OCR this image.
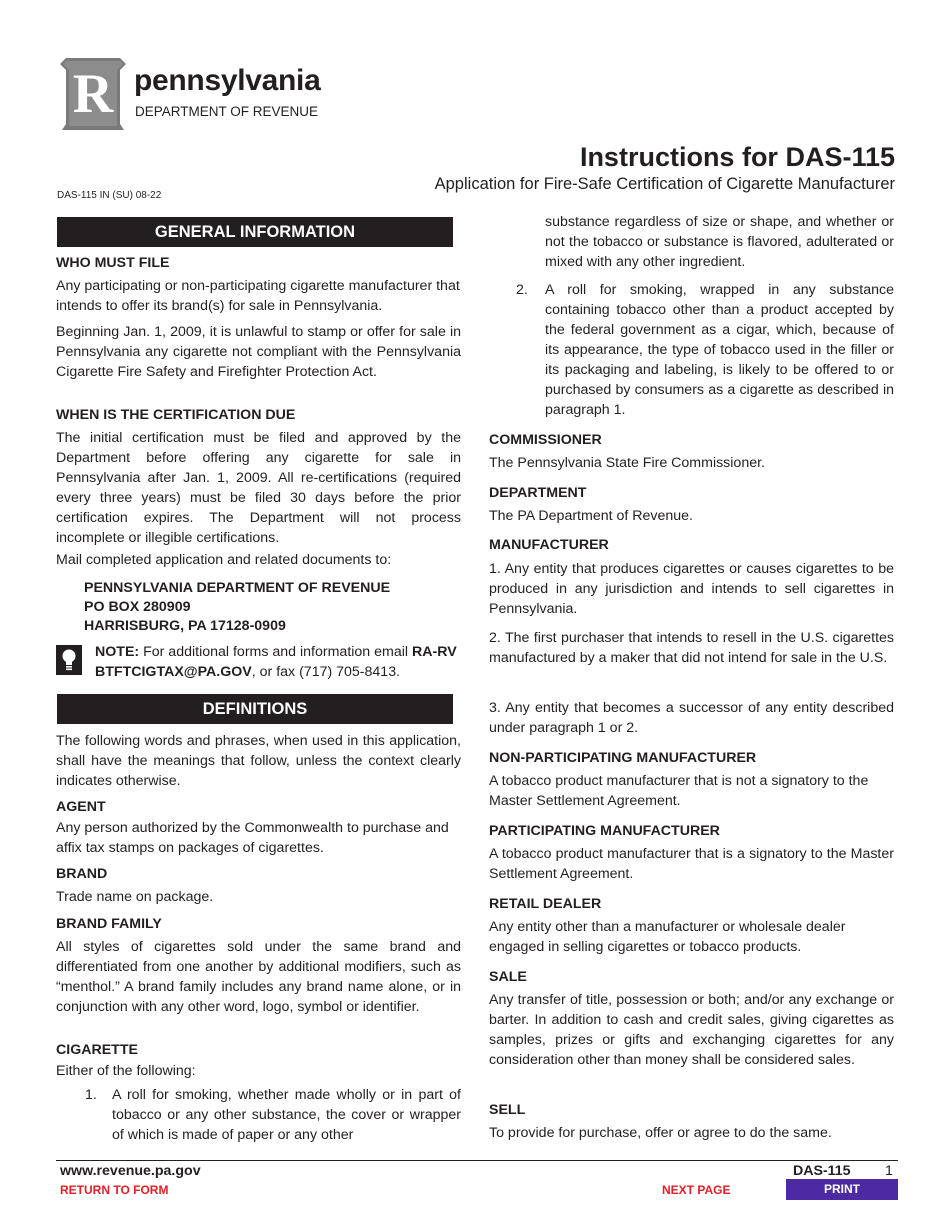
R pennsylvania
DEPARTMENT OF REVENUE
Instructions for DAS-115
Application for Fire-Safe Certification of Cigarette Manufacturer
DAS-115 IN (SU) 08-22
GENERAL INFORMATION
WHO MUST FILE
Any participating or non-participating cigarette manufacturer that intends to offer its brand(s) for sale in Pennsylvania.
Beginning Jan. 1, 2009, it is unlawful to stamp or offer for sale in Pennsylvania any cigarette not compliant with the Pennsylvania Cigarette Fire Safety and Firefighter Protection Act.
WHEN IS THE CERTIFICATION DUE
The initial certification must be filed and approved by the Department before offering any cigarette for sale in Pennsylvania after Jan. 1, 2009. All re-certifications (required every three years) must be filed 30 days before the prior certification expires. The Department will not process incomplete or illegible certifications.
Mail completed application and related documents to:
PENNSYLVANIA DEPARTMENT OF REVENUE
PO BOX 280909
HARRISBURG, PA 17128-0909
NOTE: For additional forms and information email RA-RVBTFTCIGTAX@PA.GOV, or fax (717) 705-8413.
DEFINITIONS
The following words and phrases, when used in this application, shall have the meanings that follow, unless the context clearly indicates otherwise.
AGENT
Any person authorized by the Commonwealth to purchase and affix tax stamps on packages of cigarettes.
BRAND
Trade name on package.
BRAND FAMILY
All styles of cigarettes sold under the same brand and differentiated from one another by additional modifiers, such as “menthol.” A brand family includes any brand name alone, or in conjunction with any other word, logo, symbol or identifier.
CIGARETTE
Either of the following:
1. A roll for smoking, whether made wholly or in part of tobacco or any other substance, the cover or wrapper of which is made of paper or any other
substance regardless of size or shape, and whether or not the tobacco or substance is flavored, adulterated or mixed with any other ingredient.
2. A roll for smoking, wrapped in any substance containing tobacco other than a product accepted by the federal government as a cigar, which, because of its appearance, the type of tobacco used in the filler or its packaging and labeling, is likely to be offered to or purchased by consumers as a cigarette as described in paragraph 1.
COMMISSIONER
The Pennsylvania State Fire Commissioner.
DEPARTMENT
The PA Department of Revenue.
MANUFACTURER
1. Any entity that produces cigarettes or causes cigarettes to be produced in any jurisdiction and intends to sell cigarettes in Pennsylvania.
2. The first purchaser that intends to resell in the U.S. cigarettes manufactured by a maker that did not intend for sale in the U.S.
3. Any entity that becomes a successor of any entity described under paragraph 1 or 2.
NON-PARTICIPATING MANUFACTURER
A tobacco product manufacturer that is not a signatory to the Master Settlement Agreement.
PARTICIPATING MANUFACTURER
A tobacco product manufacturer that is a signatory to the Master Settlement Agreement.
RETAIL DEALER
Any entity other than a manufacturer or wholesale dealer engaged in selling cigarettes or tobacco products.
SALE
Any transfer of title, possession or both; and/or any exchange or barter. In addition to cash and credit sales, giving cigarettes as samples, prizes or gifts and exchanging cigarettes for any consideration other than money shall be considered sales.
SELL
To provide for purchase, offer or agree to do the same.
www.revenue.pa.gov	DAS-115 1
RETURN TO FORM	NEXT PAGE	PRINT
